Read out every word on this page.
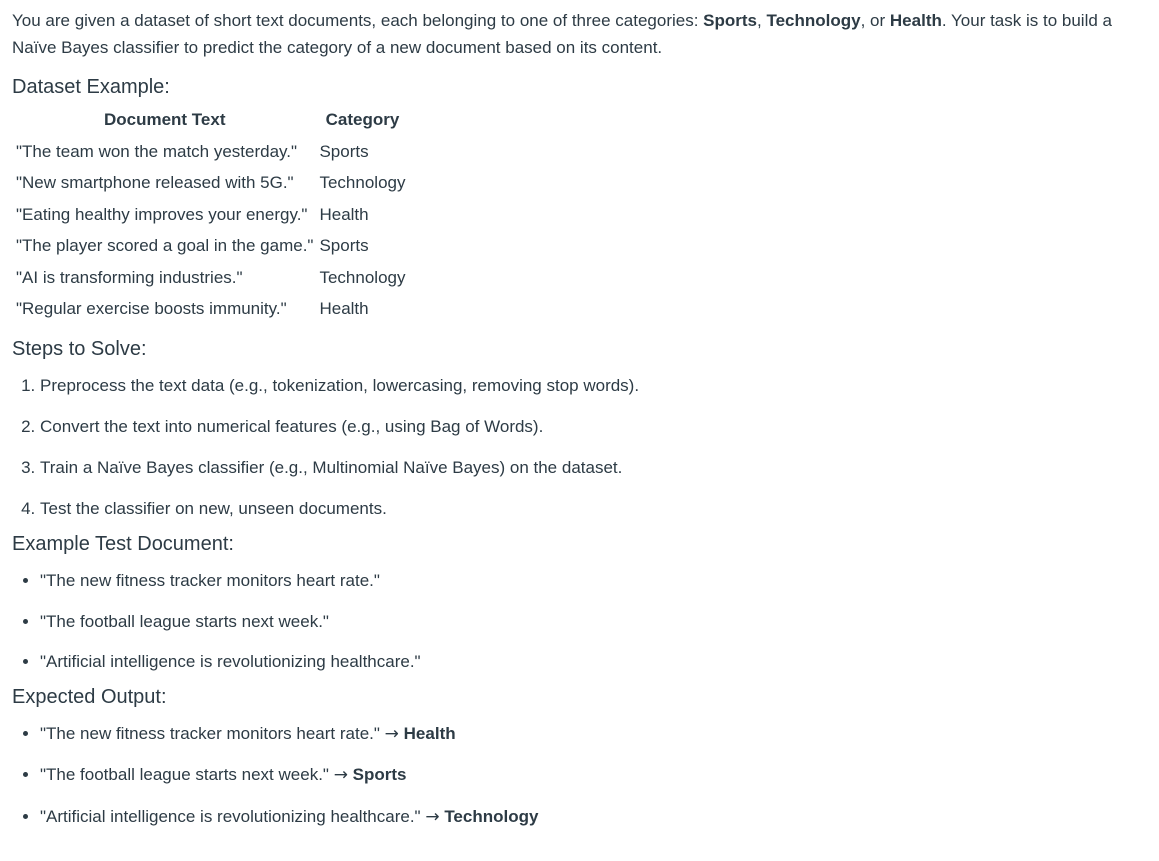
You are given a dataset of short text documents, each belonging to one of three categories: Sports, Technology, or Health. Your task is to build a Naïve Bayes classifier to predict the category of a new document based on its content.

Dataset Example:
Document Text	Category
"The team won the match yesterday."	Sports
"New smartphone released with 5G."	Technology
"Eating healthy improves your energy."	Health
"The player scored a goal in the game."	Sports
"AI is transforming industries."	Technology
"Regular exercise boosts immunity."	Health
Steps to Solve:
1. Preprocess the text data (e.g., tokenization, lowercasing, removing stop words).
2. Convert the text into numerical features (e.g., using Bag of Words).
3. Train a Naïve Bayes classifier (e.g., Multinomial Naïve Bayes) on the dataset.
4. Test the classifier on new, unseen documents.
Example Test Document:
• "The new fitness tracker monitors heart rate."
• "The football league starts next week."
• "Artificial intelligence is revolutionizing healthcare."
Expected Output:
• "The new fitness tracker monitors heart rate." → Health
• "The football league starts next week." → Sports
• "Artificial intelligence is revolutionizing healthcare." → Technology
